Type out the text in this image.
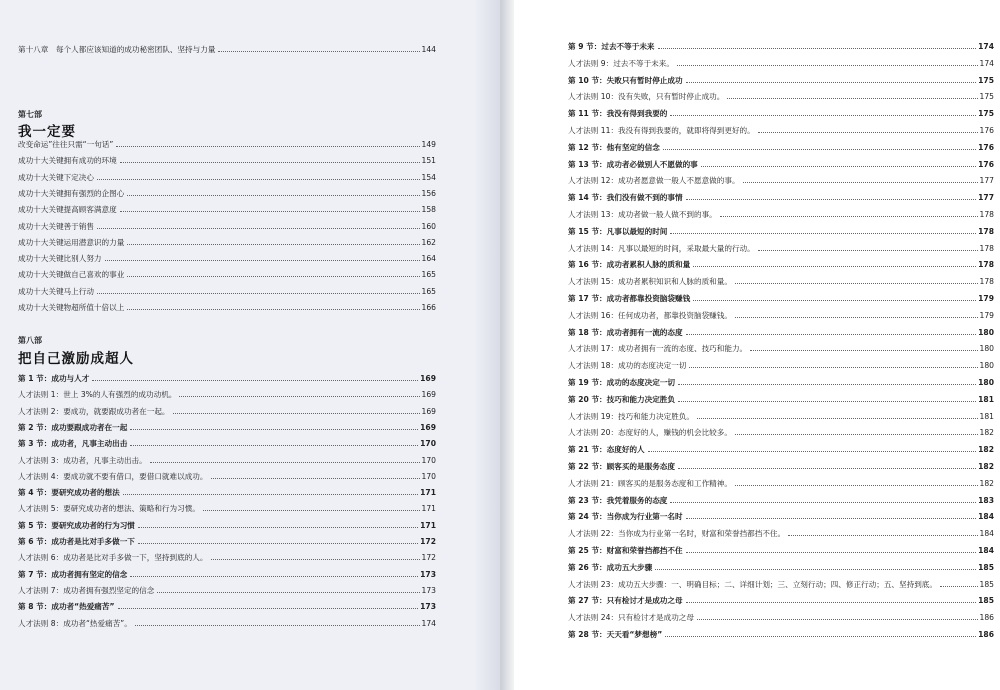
第十八章　每个人都应该知道的成功秘密团队、坚持与力量	144
第七部
我一定要
改变命运”往往只需“一句话”	149
成功十大关键拥有成功的环境	151
成功十大关键下定决心	154
成功十大关键拥有强烈的企图心	156
成功十大关键提高顾客满意度	158
成功十大关键善于销售	160
成功十大关键运用潜意识的力量	162
成功十大关键比别人努力	164
成功十大关键做自己喜欢的事业	165
成功十大关键马上行动	165
成功十大关键物超所值十倍以上	166
第八部
把自己激励成超人
第 1 节：成功与人才	169
人才法则 1：世上 3%的人有强烈的成功动机。	169
人才法则 2：要成功，就要跟成功者在一起。	169
第 2 节：成功要跟成功者在一起	169
第 3 节：成功者，凡事主动出击	170
人才法则 3：成功者，凡事主动出击。	170
人才法则 4：要成功就不要有借口，要借口就难以成功。	170
第 4 节：要研究成功者的想法	171
人才法则 5：要研究成功者的想法、策略和行为习惯。	171
第 5 节：要研究成功者的行为习惯	171
第 6 节：成功者是比对手多做一下	172
人才法则 6：成功者是比对手多做一下，坚持到底的人。	172
第 7 节：成功者拥有坚定的信念	173
人才法则 7：成功者拥有强烈坚定的信念	173
第 8 节：成功者“热爱痛苦”	173
人才法则 8：成功者“热爱痛苦”。	174
第 9 节：过去不等于未来	174
人才法则 9：过去不等于未来。	174
第 10 节：失败只有暂时停止成功	175
人才法则 10：没有失败，只有暂时停止成功。	175
第 11 节：我没有得到我要的	175
人才法则 11：我没有得到我要的，就即将得到更好的。	176
第 12 节：他有坚定的信念	176
第 13 节：成功者必做别人不愿做的事	176
人才法则 12：成功者愿意做一般人不愿意做的事。	177
第 14 节：我们没有做不到的事情	177
人才法则 13：成功者做一般人做不到的事。	178
第 15 节：凡事以最短的时间	178
人才法则 14：凡事以最短的时间，采取最大量的行动。	178
第 16 节：成功者累积人脉的质和量	178
人才法则 15：成功者累积知识和人脉的质和量。	178
第 17 节：成功者都靠投资脑袋赚钱	179
人才法则 16：任何成功者，都靠投资脑袋赚钱。	179
第 18 节：成功者拥有一流的态度	180
人才法则 17：成功者拥有一流的态度、技巧和能力。	180
人才法则 18：成功的态度决定一切	180
第 19 节：成功的态度决定一切	180
第 20 节：技巧和能力决定胜负	181
人才法则 19：技巧和能力决定胜负。	181
人才法则 20：态度好的人，赚钱的机会比较多。	182
第 21 节：态度好的人	182
第 22 节：顾客买的是服务态度	182
人才法则 21：顾客买的是服务态度和工作精神。	182
第 23 节：我凭着服务的态度	183
第 24 节：当你成为行业第一名时	184
人才法则 22：当你成为行业第一名时，财富和荣誉挡都挡不住。	184
第 25 节：财富和荣誉挡都挡不住	184
第 26 节：成功五大步骤	185
人才法则 23：成功五大步骤：一、明确目标；二、详细计划；三、立刻行动；四、修正行动；五、坚持到底。	185
第 27 节：只有检讨才是成功之母	185
人才法则 24：只有检讨才是成功之母	186
第 28 节：天天看“梦想榜”	186
